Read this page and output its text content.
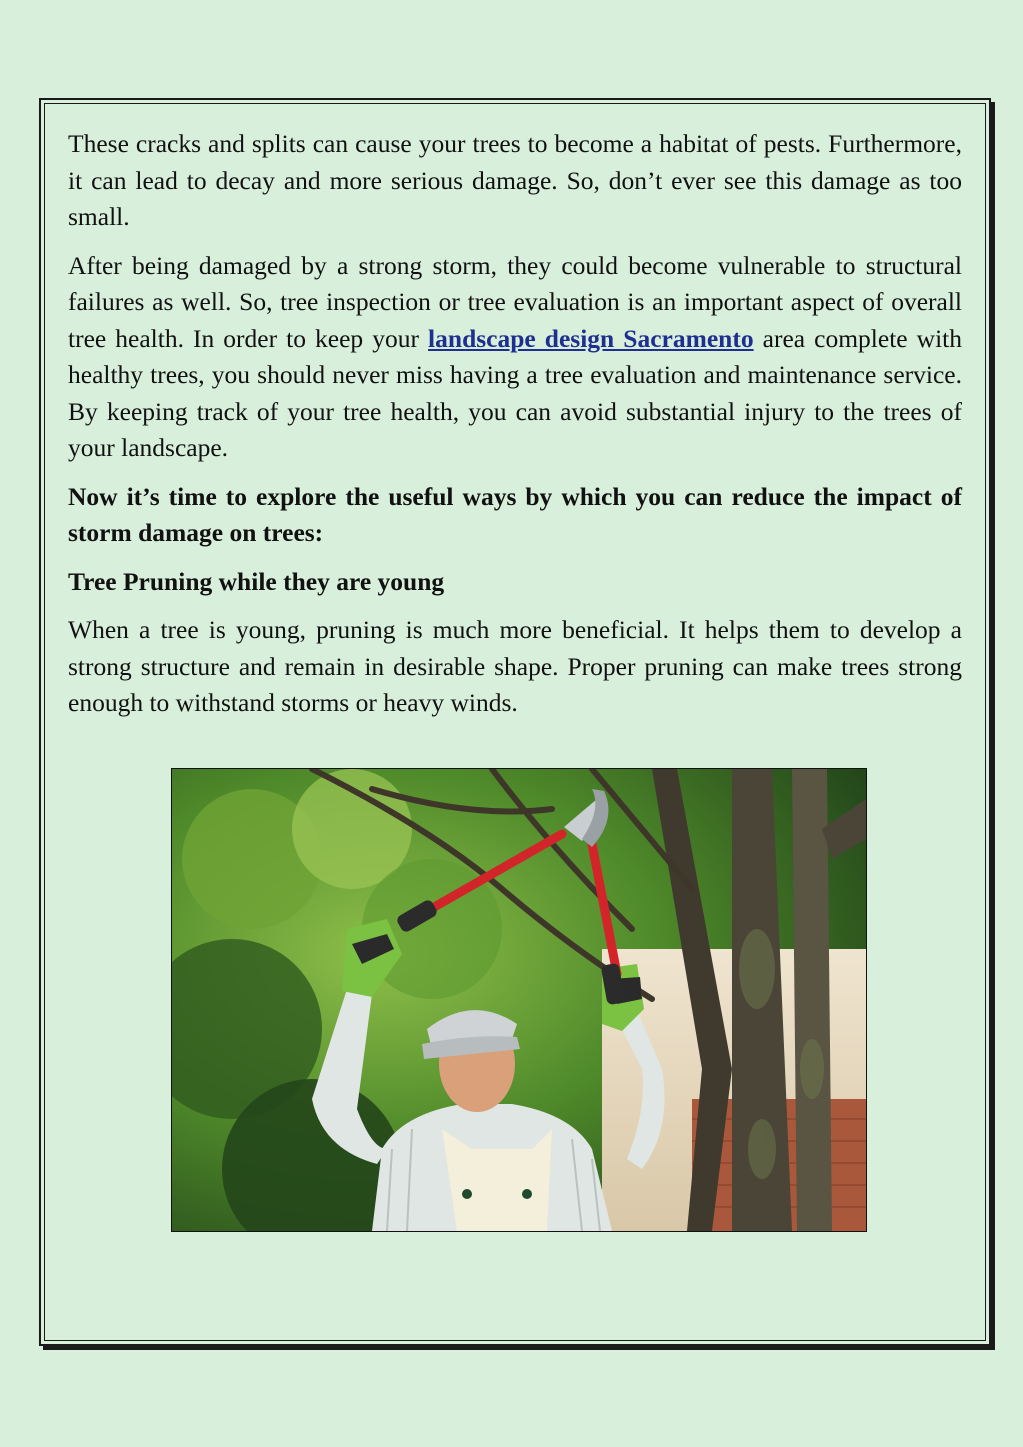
These cracks and splits can cause your trees to become a habitat of pests. Furthermore, it can lead to decay and more serious damage. So, don’t ever see this damage as too small.

After being damaged by a strong storm, they could become vulnerable to structural failures as well. So, tree inspection or tree evaluation is an important aspect of overall tree health. In order to keep your landscape design Sacramento area complete with healthy trees, you should never miss having a tree evaluation and maintenance service. By keeping track of your tree health, you can avoid substantial injury to the trees of your landscape.

Now it’s time to explore the useful ways by which you can reduce the impact of storm damage on trees:

Tree Pruning while they are young

When a tree is young, pruning is much more beneficial. It helps them to develop a strong structure and remain in desirable shape. Proper pruning can make trees strong enough to withstand storms or heavy winds.
